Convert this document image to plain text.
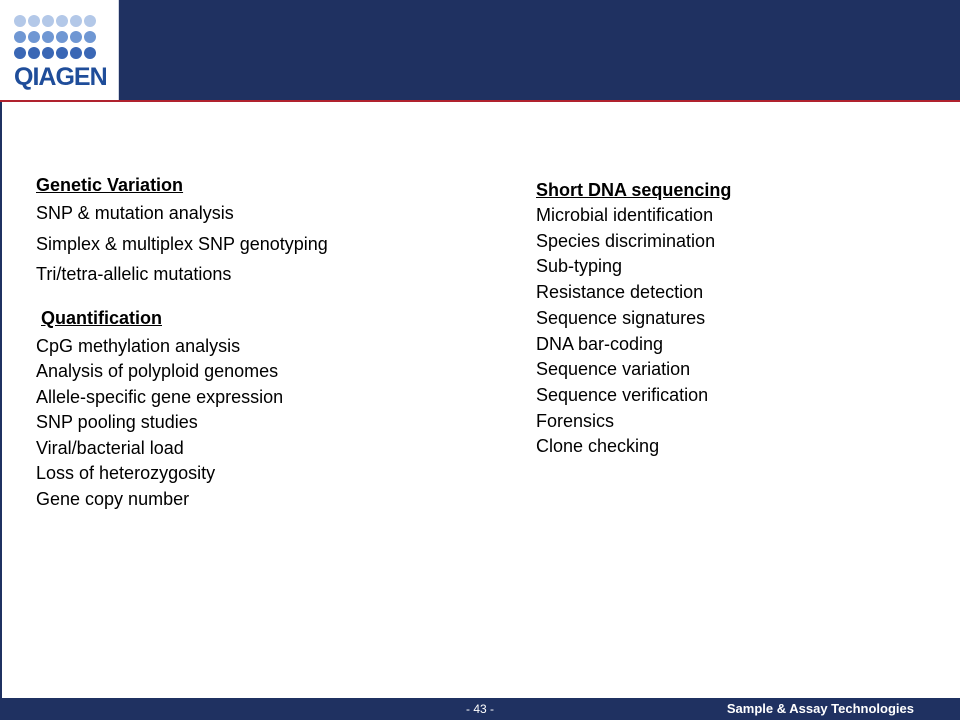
QIAGEN
Genetic Variation
SNP & mutation analysis
Simplex & multiplex SNP genotyping
Tri/tetra-allelic mutations
Quantification
CpG methylation analysis
Analysis of polyploid genomes
Allele-specific gene expression
SNP pooling studies
Viral/bacterial load
Loss of heterozygosity
Gene copy number
Short DNA sequencing
Microbial identification
Species discrimination
Sub-typing
Resistance detection
Sequence signatures
DNA bar-coding
Sequence variation
Sequence verification
Forensics
Clone checking
- 43 -	Sample & Assay Technologies
